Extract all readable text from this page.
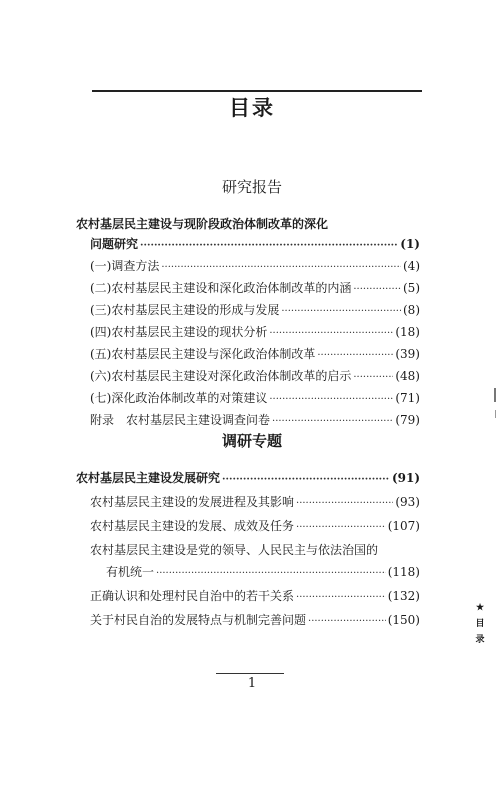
目录
研究报告
农村基层民主建设与现阶段政治体制改革的深化
问题研究 ·····	(1)
(一)调查方法 ·····	(4)
(二)农村基层民主建设和深化政治体制改革的内涵 ·····	(5)
(三)农村基层民主建设的形成与发展 ·····	(8)
(四)农村基层民主建设的现状分析 ·····	(18)
(五)农村基层民主建设与深化政治体制改革 ·····	(39)
(六)农村基层民主建设对深化政治体制改革的启示 ·····	(48)
(七)深化政治体制改革的对策建议 ·····	(71)
附录　农村基层民主建设调查问卷 ·····	(79)
调研专题
农村基层民主建设发展研究 ·····	(91)
农村基层民主建设的发展进程及其影响 ·····	(93)
农村基层民主建设的发展、成效及任务 ·····	(107)
农村基层民主建设是党的领导、人民民主与依法治国的
有机统一 ·····	(118)
正确认识和处理村民自治中的若干关系 ·····	(132)
关于村民自治的发展特点与机制完善问题 ·····	(150)
★
目
录
1
